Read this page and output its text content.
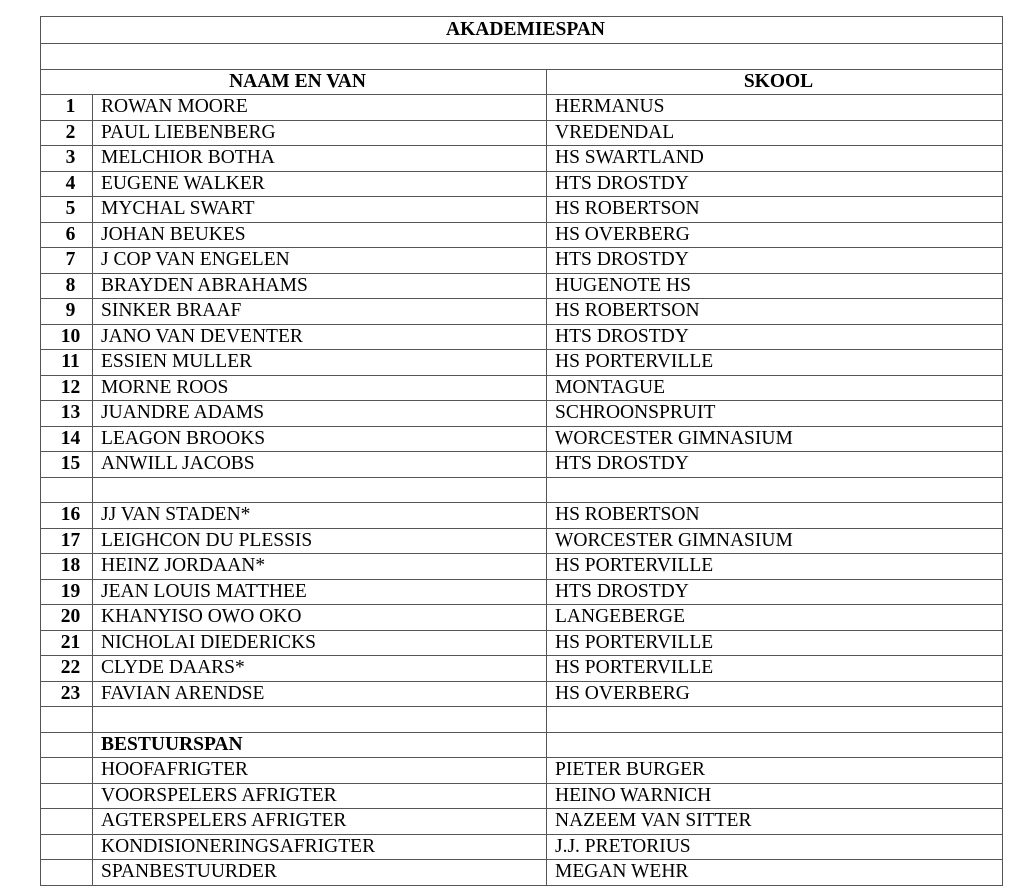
AKADEMIESPAN		

NAAM EN VAN		SKOOL
1	ROWAN MOORE	HERMANUS
2	PAUL LIEBENBERG	VREDENDAL
3	MELCHIOR BOTHA	HS SWARTLAND
4	EUGENE WALKER	HTS DROSTDY
5	MYCHAL SWART	HS ROBERTSON
6	JOHAN BEUKES	HS OVERBERG
7	J COP VAN ENGELEN	HTS DROSTDY
8	BRAYDEN ABRAHAMS	HUGENOTE HS
9	SINKER BRAAF	HS ROBERTSON
10	JANO VAN DEVENTER	HTS DROSTDY
11	ESSIEN MULLER	HS PORTERVILLE
12	MORNE ROOS	MONTAGUE
13	JUANDRE ADAMS	SCHROONSPRUIT
14	LEAGON BROOKS	WORCESTER GIMNASIUM
15	ANWILL JACOBS	HTS DROSTDY

16	JJ VAN STADEN*	HS ROBERTSON
17	LEIGHCON DU PLESSIS	WORCESTER GIMNASIUM
18	HEINZ JORDAAN*	HS PORTERVILLE
19	JEAN LOUIS MATTHEE	HTS DROSTDY
20	KHANYISO OWO OKO	LANGEBERGE
21	NICHOLAI DIEDERICKS	HS PORTERVILLE
22	CLYDE DAARS*	HS PORTERVILLE
23	FAVIAN ARENDSE	HS OVERBERG

	BESTUURSPAN	
	HOOFAFRIGTER	PIETER BURGER
	VOORSPELERS AFRIGTER	HEINO WARNICH
	AGTERSPELERS AFRIGTER	NAZEEM VAN SITTER
	KONDISIONERINGSAFRIGTER	J.J. PRETORIUS
	SPANBESTUURDER	MEGAN WEHR
